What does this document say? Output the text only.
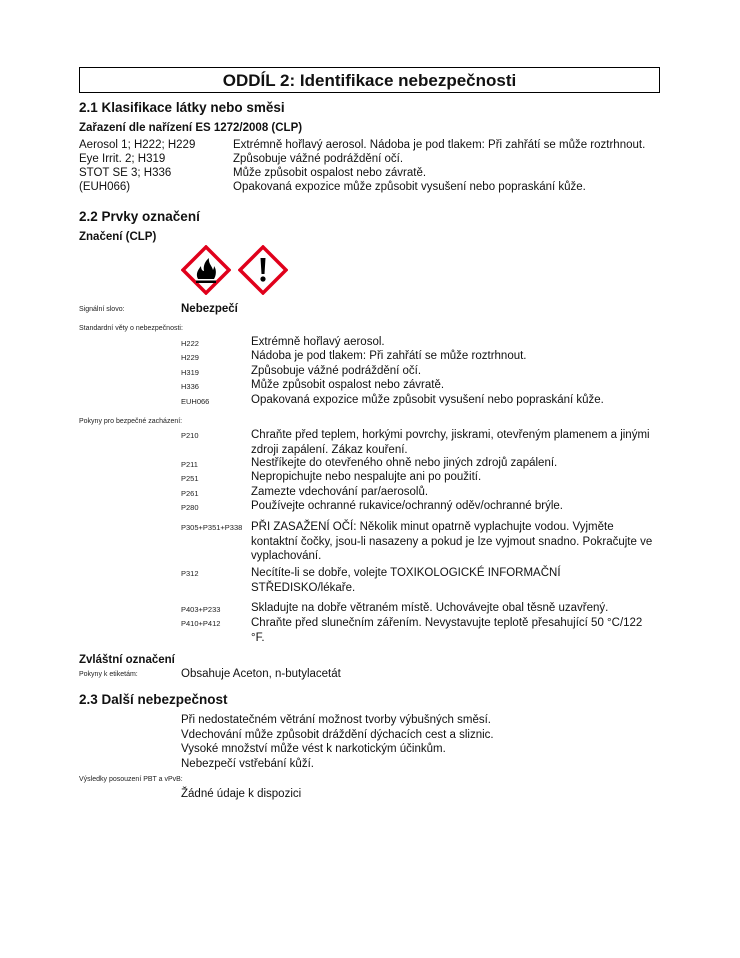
ODDÍL 2: Identifikace nebezpečnosti
2.1 Klasifikace látky nebo směsi
Zařazení dle nařízení ES 1272/2008 (CLP)
Aerosol 1; H222; H229	Extrémně hořlavý aerosol. Nádoba je pod tlakem: Při zahřátí se může roztrhnout.
Eye Irrit. 2; H319	Způsobuje vážné podráždění očí.
STOT SE 3; H336	Může způsobit ospalost nebo závratě.
(EUH066)	Opakovaná expozice může způsobit vysušení nebo popraskání kůže.
2.2 Prvky označení
Značení (CLP)
Signální slovo:	Nebezpečí
Standardní věty o nebezpečnosti:
H222	Extrémně hořlavý aerosol.
H229	Nádoba je pod tlakem: Při zahřátí se může roztrhnout.
H319	Způsobuje vážné podráždění očí.
H336	Může způsobit ospalost nebo závratě.
EUH066	Opakovaná expozice může způsobit vysušení nebo popraskání kůže.
Pokyny pro bezpečné zacházení:
P210	Chraňte před teplem, horkými povrchy, jiskrami, otevřeným plamenem a jinými zdroji zapálení. Zákaz kouření.
P211	Nestříkejte do otevřeného ohně nebo jiných zdrojů zapálení.
P251	Nepropichujte nebo nespalujte ani po použití.
P261	Zamezte vdechování par/aerosolů.
P280	Používejte ochranné rukavice/ochranný oděv/ochranné brýle.
P305+P351+P338 PŘI ZASAŽENÍ OČÍ: Několik minut opatrně vyplachujte vodou. Vyjměte kontaktní čočky, jsou-li nasazeny a pokud je lze vyjmout snadno. Pokračujte ve vyplachování.
P312	Necítíte-li se dobře, volejte TOXIKOLOGICKÉ INFORMAČNÍ STŘEDISKO/lékaře.
P403+P233	Skladujte na dobře větraném místě. Uchovávejte obal těsně uzavřený.
P410+P412	Chraňte před slunečním zářením. Nevystavujte teplotě přesahující 50 °C/122 °F.
Zvláštní označení
Pokyny k etiketám:	Obsahuje Aceton, n-butylacetát
2.3 Další nebezpečnost
Při nedostatečném větrání možnost tvorby výbušných směsí.
Vdechování může způsobit dráždění dýchacích cest a sliznic.
Vysoké množství může vést k narkotickým účinkům.
Nebezpečí vstřebání kůží.
Výsledky posouzení PBT a vPvB:
Žádné údaje k dispozici
